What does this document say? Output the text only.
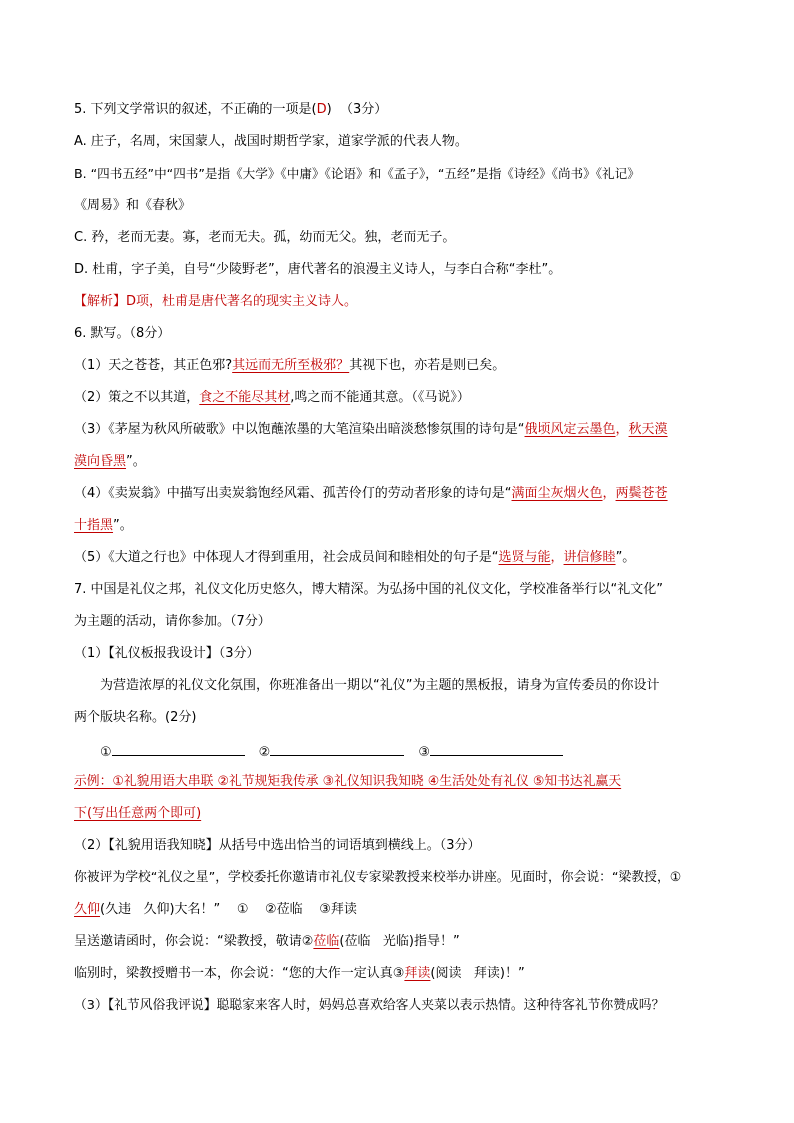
5. 下列文学常识的叙述，不正确的一项是(D)  （3分）
A. 庄子，名周，宋国蒙人，战国时期哲学家，道家学派的代表人物。
B. “四书五经”中“四书”是指《大学》《中庸》《论语》和《孟子》，“五经”是指《诗经》《尚书》《礼记》
《周易》和《春秋》
C. 矜，老而无妻。寡，老而无夫。孤，幼而无父。独，老而无子。
D. 杜甫，字子美，自号“少陵野老”，唐代著名的浪漫主义诗人，与李白合称“李杜”。
【解析】D项，杜甫是唐代著名的现实主义诗人。
6. 默写。（8分）
（1）天之苍苍，其正色邪?其远而无所至极邪？其视下也，亦若是则已矣。
（2）策之不以其道，食之不能尽其材,鸣之而不能通其意。（《马说》）
（3）《茅屋为秋风所破歌》中以饱蘸浓墨的大笔渲染出暗淡愁惨氛围的诗句是“俄顷风定云墨色，秋天漠
漠向昏黑”。
（4）《卖炭翁》中描写出卖炭翁饱经风霜、孤苦伶仃的劳动者形象的诗句是“满面尘灰烟火色，两鬓苍苍
十指黑”。
（5）《大道之行也》中体现人才得到重用，社会成员间和睦相处的句子是“选贤与能，讲信修睦”。
7. 中国是礼仪之邦，礼仪文化历史悠久，博大精深。为弘扬中国的礼仪文化，学校准备举行以“礼文化”
为主题的活动，请你参加。（7分）
（1）【礼仪板报我设计】（3分）
为营造浓厚的礼仪文化氛围，你班准备出一期以“礼仪”为主题的黑板报，请身为宣传委员的你设计
两个版块名称。(2分)
①	②	③
示例：①礼貌用语大串联 ②礼节规矩我传承 ③礼仪知识我知晓 ④生活处处有礼仪 ⑤知书达礼赢天
下(写出任意两个即可)
（2）【礼貌用语我知晓】从括号中选出恰当的词语填到横线上。（3分）
你被评为学校“礼仪之星”，学校委托你邀请市礼仪专家梁教授来校举办讲座。见面时，你会说：“梁教授，①
久仰(久违   久仰)大名！”    ①    ②莅临    ③拜读
呈送邀请函时，你会说：“梁教授，敬请②莅临(莅临   光临)指导！”
临别时，梁教授赠书一本，你会说：“您的大作一定认真③拜读(阅读   拜读)！”
（3）【礼节风俗我评说】聪聪家来客人时，妈妈总喜欢给客人夹菜以表示热情。这种待客礼节你赞成吗？
